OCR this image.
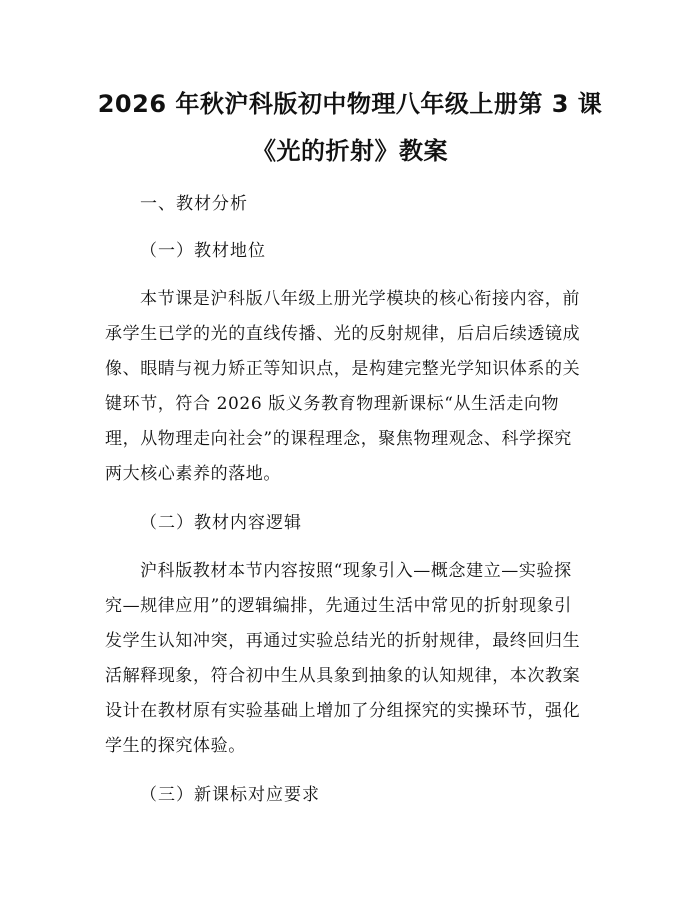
2026 年秋沪科版初中物理八年级上册第 3 课
《光的折射》教案
一、教材分析
（一）教材地位
本节课是沪科版八年级上册光学模块的核心衔接内容，前
承学生已学的光的直线传播、光的反射规律，后启后续透镜成
像、眼睛与视力矫正等知识点，是构建完整光学知识体系的关
键环节，符合 2026 版义务教育物理新课标“从生活走向物
理，从物理走向社会”的课程理念，聚焦物理观念、科学探究
两大核心素养的落地。
（二）教材内容逻辑
沪科版教材本节内容按照“现象引入—概念建立—实验探
究—规律应用”的逻辑编排，先通过生活中常见的折射现象引
发学生认知冲突，再通过实验总结光的折射规律，最终回归生
活解释现象，符合初中生从具象到抽象的认知规律，本次教案
设计在教材原有实验基础上增加了分组探究的实操环节，强化
学生的探究体验。
（三）新课标对应要求
